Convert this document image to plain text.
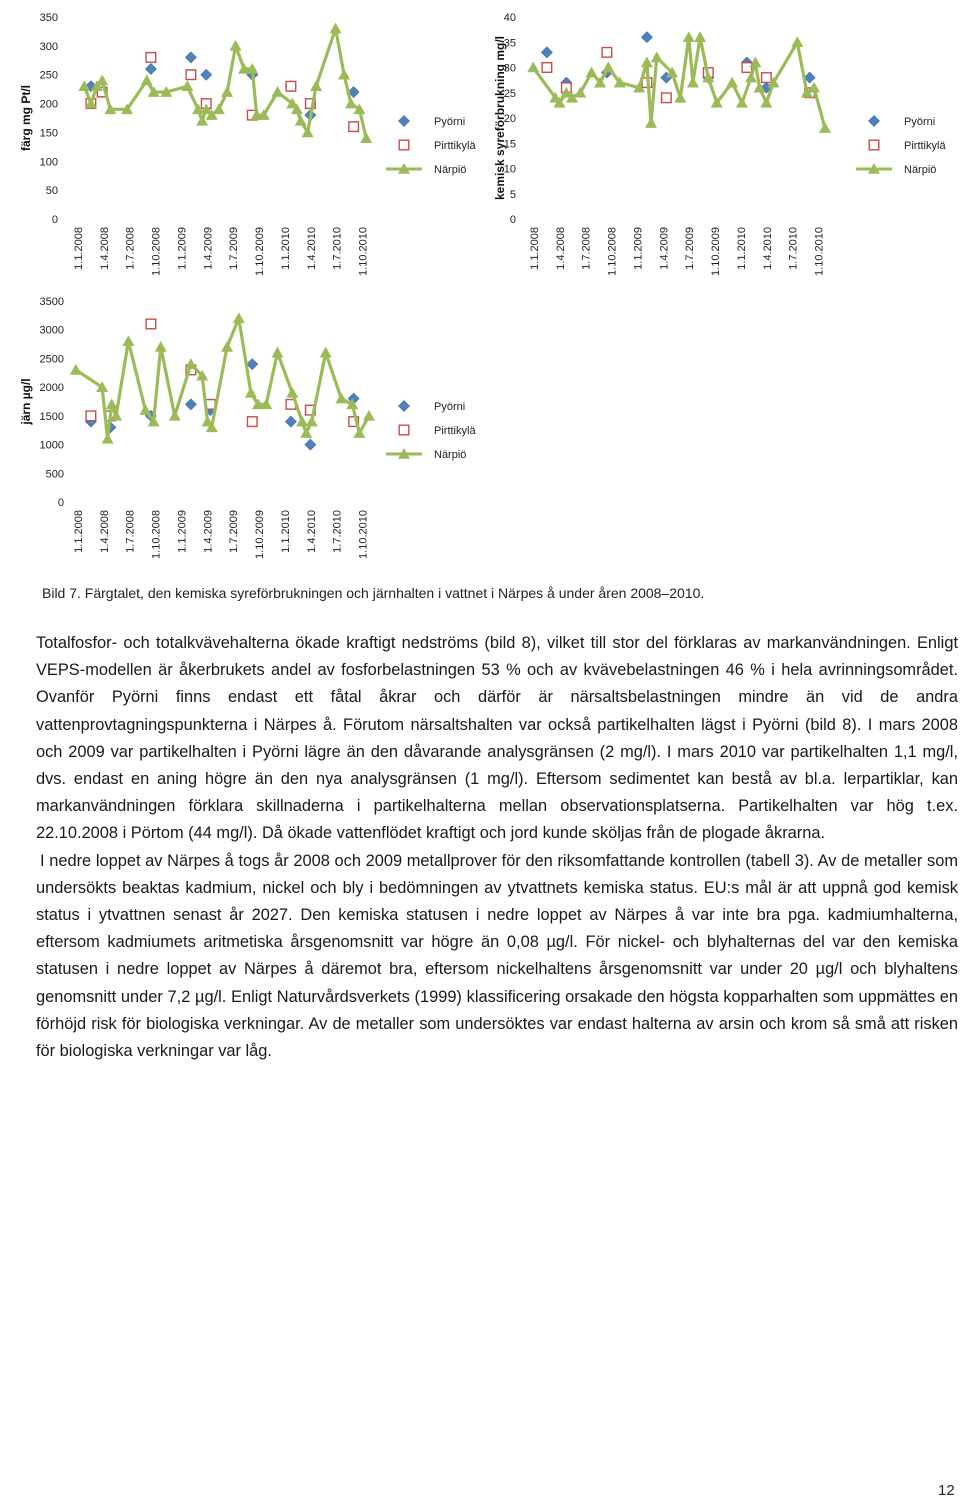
färg mg Pt/l
0
50
100
150
200
250
300
350
1.1.2008 1.4.2008 1.7.2008 1.10.2008 1.1.2009 1.4.2009 1.7.2009 1.10.2009 1.1.2010 1.4.2010 1.7.2010 1.10.2010
Pyörni
Pirttikylä
Närpiö kemisk syreförbrukning mg/l
0
5
10
15
20
25
30
35
40
1.1.2008 1.4.2008 1.7.2008 1.10.2008 1.1.2009 1.4.2009 1.7.2009 1.10.2009 1.1.2010 1.4.2010 1.7.2010 1.10.2010
Pyörni
Pirttikylä
Närpiö
järn µg/l
0
500
1000
1500
2000
2500
3000
3500
1.1.2008 1.4.2008 1.7.2008 1.10.2008 1.1.2009 1.4.2009 1.7.2009 1.10.2009 1.1.2010 1.4.2010 1.7.2010 1.10.2010
Pyörni
Pirttikylä
Närpiö
Bild 7. Färgtalet, den kemiska syreförbrukningen och järnhalten i vattnet i Närpes å under åren 2008–2010.

Totalfosfor- och totalkvävehalterna ökade kraftigt nedströms (bild 8), vilket till stor del förklaras av markanvändningen. Enligt VEPS-modellen är åkerbrukets andel av fosforbelastningen 53 % och av kvävebelastningen 46 % i hela avrinningsområdet. Ovanför Pyörni finns endast ett fåtal åkrar och därför är närsaltsbelastningen mindre än vid de andra vattenprovtagningspunkterna i Närpes å. Förutom närsaltshalten var också partikelhalten lägst i Pyörni (bild 8). I mars 2008 och 2009 var partikelhalten i Pyörni lägre än den dåvarande analysgränsen (2 mg/l). I mars 2010 var partikelhalten 1,1 mg/l, dvs. endast en aning högre än den nya analysgränsen (1 mg/l). Eftersom sedimentet kan bestå av bl.a. lerpartiklar, kan markanvändningen förklara skillnaderna i partikelhalterna mellan observationsplatserna. Partikelhalten var hög t.ex. 22.10.2008 i Pörtom (44 mg/l). Då ökade vattenflödet kraftigt och jord kunde sköljas från de plogade åkrarna.

I nedre loppet av Närpes å togs år 2008 och 2009 metallprover för den riksomfattande kontrollen (tabell 3). Av de metaller som undersökts beaktas kadmium, nickel och bly i bedömningen av ytvattnets kemiska status. EU:s mål är att uppnå god kemisk status i ytvattnen senast år 2027. Den kemiska statusen i nedre loppet av Närpes å var inte bra pga. kadmiumhalterna, eftersom kadmiumets aritmetiska årsgenomsnitt var högre än 0,08 µg/l. För nickel- och blyhalternas del var den kemiska statusen i nedre loppet av Närpes å däremot bra, eftersom nickelhaltens årsgenomsnitt var under 20 µg/l och blyhaltens genomsnitt under 7,2 µg/l. Enligt Naturvårdsverkets (1999) klassificering orsakade den högsta kopparhalten som uppmättes en förhöjd risk för biologiska verkningar. Av de metaller som undersöktes var endast halterna av arsin och krom så små att risken för biologiska verkningar var låg.

12
